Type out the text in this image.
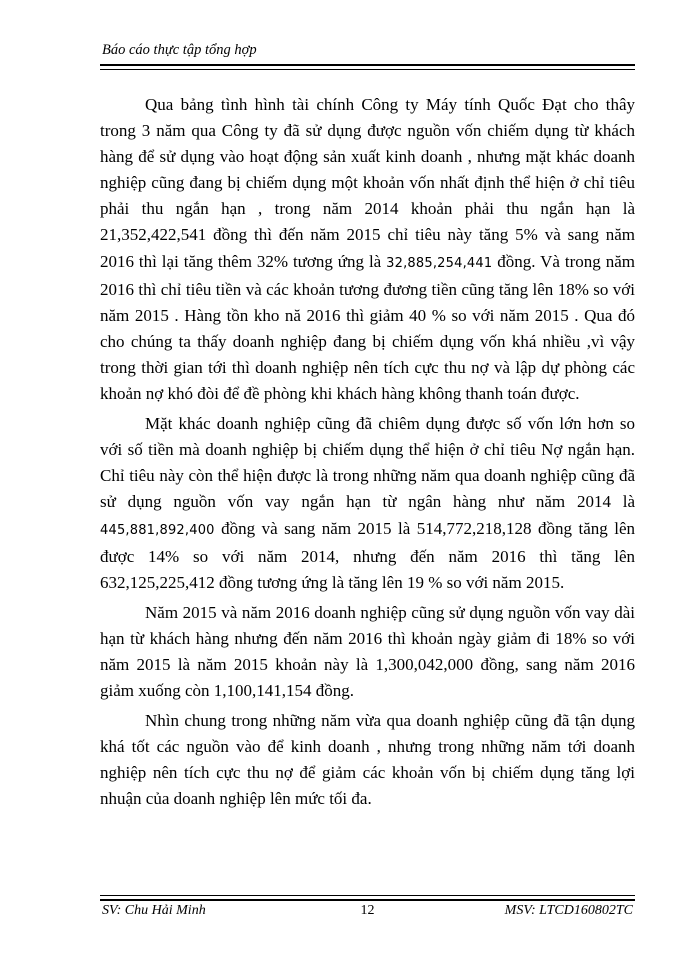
Báo cáo thực tập tổng hợp

Qua bảng tình hình tài chính Công ty Máy tính Quốc Đạt cho thây trong 3 năm qua Công ty đã sử dụng được nguồn vốn chiếm dụng từ khách hàng để sử dụng vào hoạt động sản xuất kinh doanh , nhưng mặt khác doanh nghiệp cũng đang bị chiếm dụng một khoản vốn nhất định thể hiện ở chỉ tiêu phải thu ngắn hạn , trong năm 2014 khoản phải thu ngắn hạn là 21,352,422,541 đồng thì đến năm 2015 chỉ tiêu này tăng 5% và sang năm 2016 thì lại tăng thêm 32% tương ứng là 32,885,254,441 đồng. Và trong năm 2016 thì chỉ tiêu tiền và các khoản tương đương tiền cũng tăng lên 18% so với năm 2015 . Hàng tồn kho nă 2016 thì giảm 40 % so với năm 2015 . Qua đó cho chúng ta thấy doanh nghiệp đang bị chiếm dụng vốn khá nhiều ,vì vậy trong thời gian tới thì doanh nghiệp nên tích cực thu nợ và lập dự phòng các khoản nợ khó đòi để đề phòng khi khách hàng không thanh toán được.

Mặt khác doanh nghiệp cũng đã chiêm dụng được số vốn lớn hơn so với số tiền mà doanh nghiệp bị chiếm dụng thể hiện ở chỉ tiêu Nợ ngắn hạn. Chỉ tiêu này còn thể hiện được là trong những năm qua doanh nghiệp cũng đã sử dụng nguồn vốn vay ngắn hạn từ ngân hàng như năm 2014 là 445,881,892,400 đồng và sang năm 2015 là 514,772,218,128 đồng tăng lên được 14% so với năm 2014, nhưng đến năm 2016 thì tăng lên 632,125,225,412 đồng tương ứng là tăng lên 19 % so với năm 2015.

Năm 2015 và năm 2016 doanh nghiệp cũng sử dụng nguồn vốn vay dài hạn từ khách hàng nhưng đến năm 2016 thì khoản ngày giảm đi 18% so với năm 2015 là năm 2015 khoản này là 1,300,042,000 đồng, sang năm 2016 giảm xuống còn 1,100,141,154 đồng.

Nhìn chung trong những năm vừa qua doanh nghiệp cũng đã tận dụng khá tốt các nguồn vào để kinh doanh , nhưng trong những năm tới doanh nghiệp nên tích cực thu nợ để giảm các khoản vốn bị chiếm dụng tăng lợi nhuận của doanh nghiệp lên mức tối đa.

SV: Chu Hải Minh	12	MSV: LTCD160802TC
